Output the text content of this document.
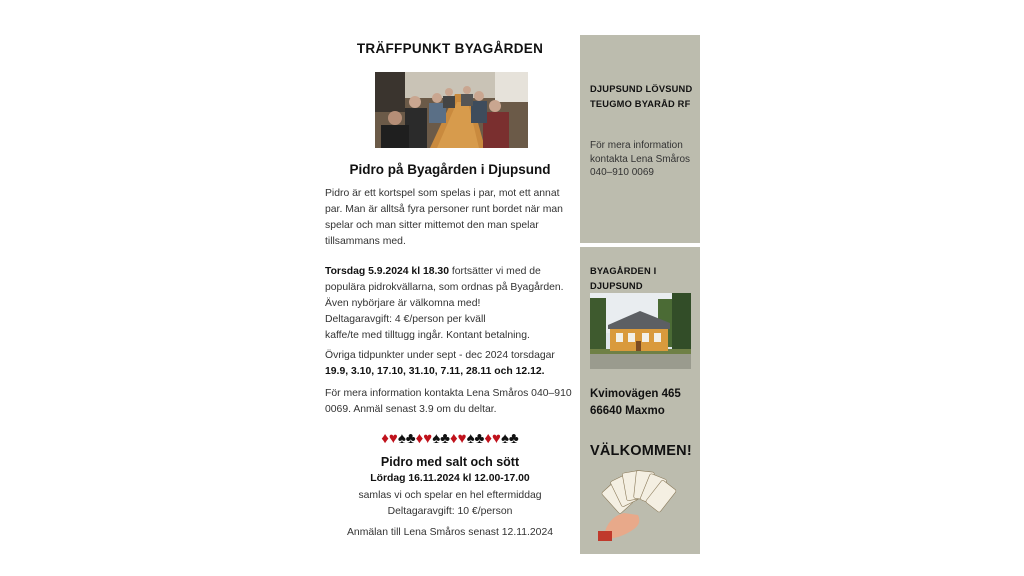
TRÄFFPUNKT BYAGÅRDEN
Pidro på Byagården i Djupsund
Pidro är ett kortspel som spelas i par, mot ett annat par. Man är alltså fyra personer runt bordet när man spelar och man sitter mittemot den man spelar tillsammans med.
Torsdag 5.9.2024 kl 18.30 fortsätter vi med de populära pidrokvällarna, som ordnas på Byagården. Även nybörjare är välkomna med!
Deltagaravgift: 4 €/person per kväll
kaffe/te med tilltugg ingår. Kontant betalning.
Övriga tidpunkter under sept - dec 2024 torsdagar
19.9, 3.10, 17.10, 31.10, 7.11, 28.11 och 12.12.
För mera information kontakta Lena Småros 040–910 0069. Anmäl senast 3.9 om du deltar.
♦♥♠♣♦♥♠♣♦♥♠♣♦♥♠♣
Pidro med salt och sött
Lördag 16.11.2024 kl 12.00-17.00
samlas vi och spelar en hel eftermiddag
Deltagaravgift: 10 €/person
Anmälan till Lena Småros senast 12.11.2024
DJUPSUND LÖVSUND
TEUGMO BYARÅD RF
För mera information
kontakta Lena Småros
040–910 0069
BYAGÅRDEN I
DJUPSUND
Kvimovägen 465
66640 Maxmo
VÄLKOMMEN!
